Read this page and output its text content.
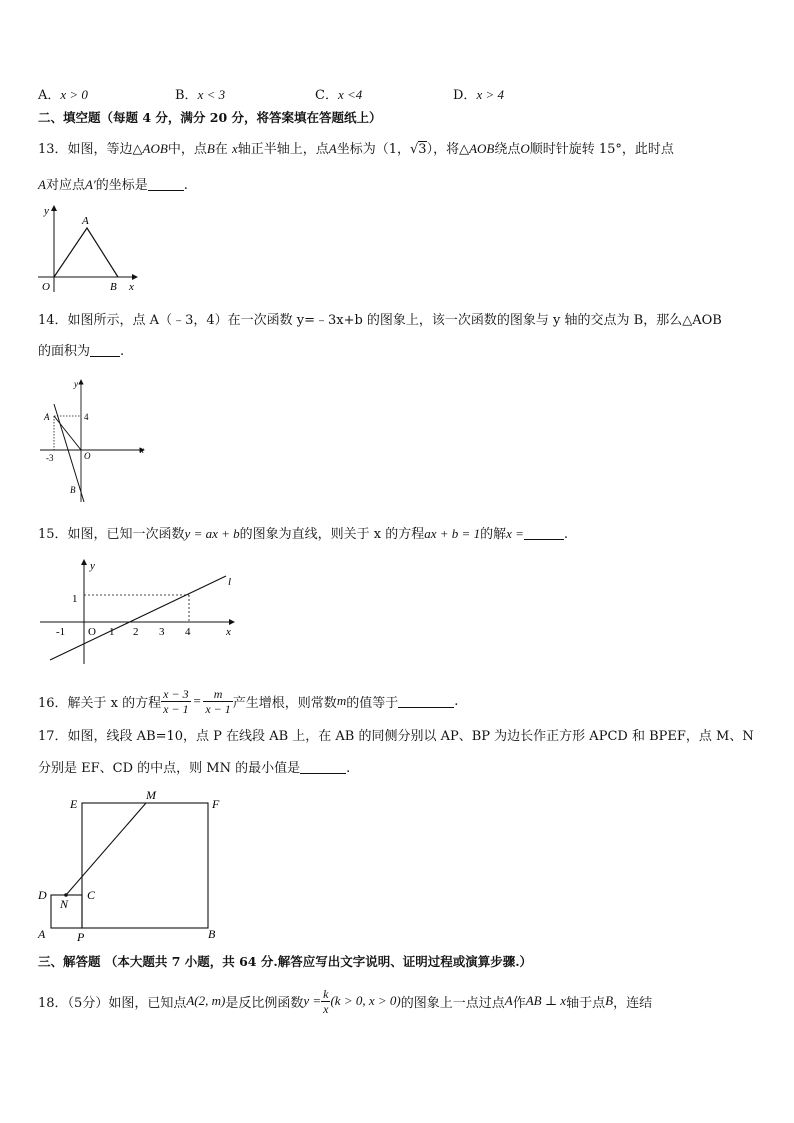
A．x > 0	B．x < 3	C．x <4	D．x > 4
二、填空题（每题 4 分，满分 20 分，将答案填在答题纸上）
13．如图，等边△AOB中，点B在 x轴正半轴上，点A坐标为（1，√3），将△AOB绕点O顺时针旋转 15°，此时点
A对应点A′的坐标是	.
y
A
O	B x
14．如图所示，点 A（﹣3，4）在一次函数 y=﹣3x+b 的图象上，该一次函数的图象与 y 轴的交点为 B，那么△AOB
的面积为 .
y
A	4
-3	O
x
B
15．如图，已知一次函数y = ax + b的图象为直线，则关于 x 的方程ax + b = 1的解x =	.
y
l
1
-1 O 1 2 3 4	x
16．解关于 x 的方程 $\frac{x - 3}{x - 1} = \frac{m}{x - 1}$ 产生增根，则常数 m 的值等于	.
17．如图，线段 AB=10，点 P 在线段 AB 上，在 AB 的同侧分别以 AP、BP 为边长作正方形 APCD 和 BPEF，点 M、N
分别是 EF、CD 的中点，则 MN 的最小值是	.
E
M
F
D
N
C
A	P	B
三、解答题 （本大题共 7 小题，共 64 分.解答应写出文字说明、证明过程或演算步骤.）
18．（5分）如图，已知点 A(2, m) 是反比例函数 $y = \frac{k}{x} (k > 0$, x > 0) 的图象上一点过点 A 作 AB ⊥ x 轴于点 B ，连结
